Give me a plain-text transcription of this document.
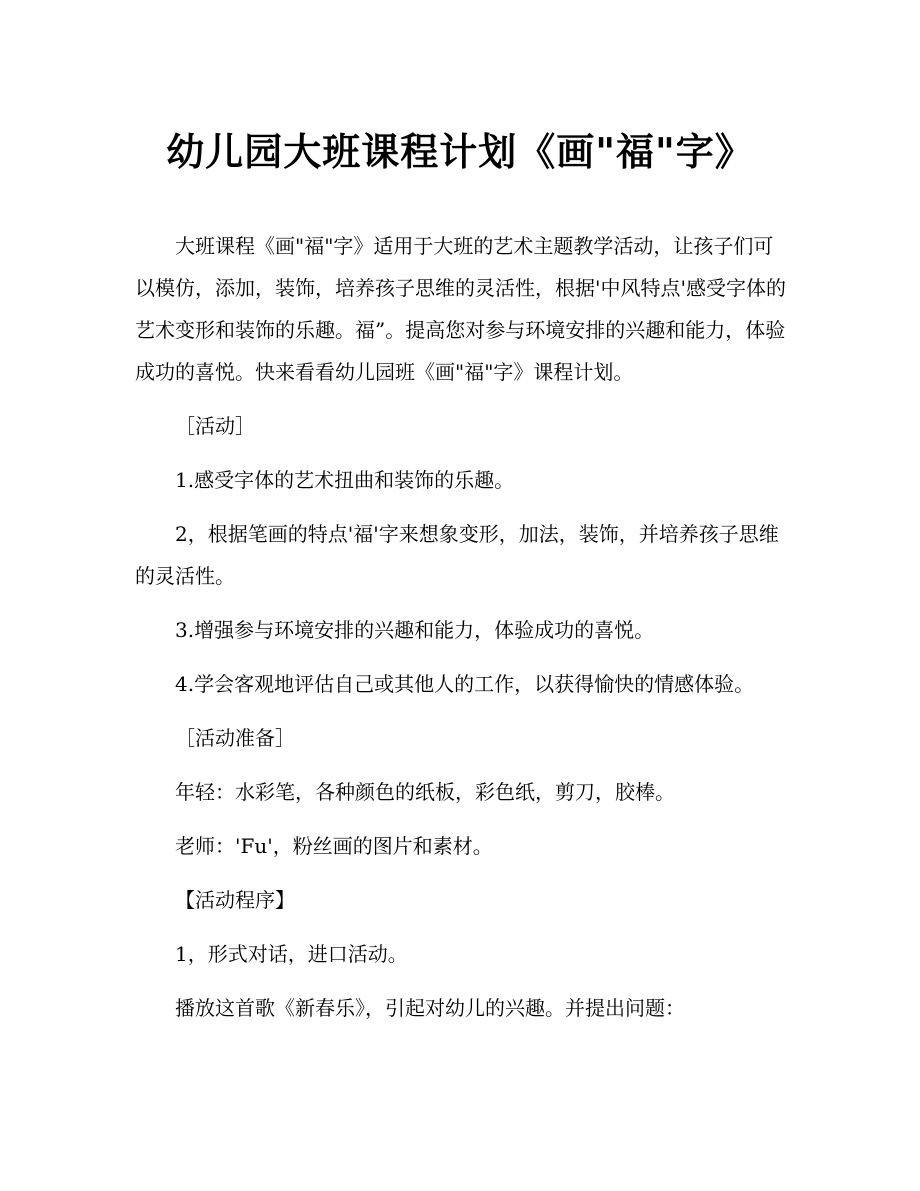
幼儿园大班课程计划《画"福"字》

大班课程《画"福"字》适用于大班的艺术主题教学活动，让孩子们可以模仿，添加，装饰，培养孩子思维的灵活性，根据'中风特点'感受字体的艺术变形和装饰的乐趣。福”。提高您对参与环境安排的兴趣和能力，体验成功的喜悦。快来看看幼儿园班《画"福"字》课程计划。

［活动］

1.感受字体的艺术扭曲和装饰的乐趣。

2，根据笔画的特点'福'字来想象变形，加法，装饰，并培养孩子思维的灵活性。

3.增强参与环境安排的兴趣和能力，体验成功的喜悦。

4.学会客观地评估自己或其他人的工作，以获得愉快的情感体验。

［活动准备］

年轻：水彩笔，各种颜色的纸板，彩色纸，剪刀，胶棒。

老师：'Fu'，粉丝画的图片和素材。

【活动程序】

1，形式对话，进口活动。

播放这首歌《新春乐》，引起对幼儿的兴趣。并提出问题：
